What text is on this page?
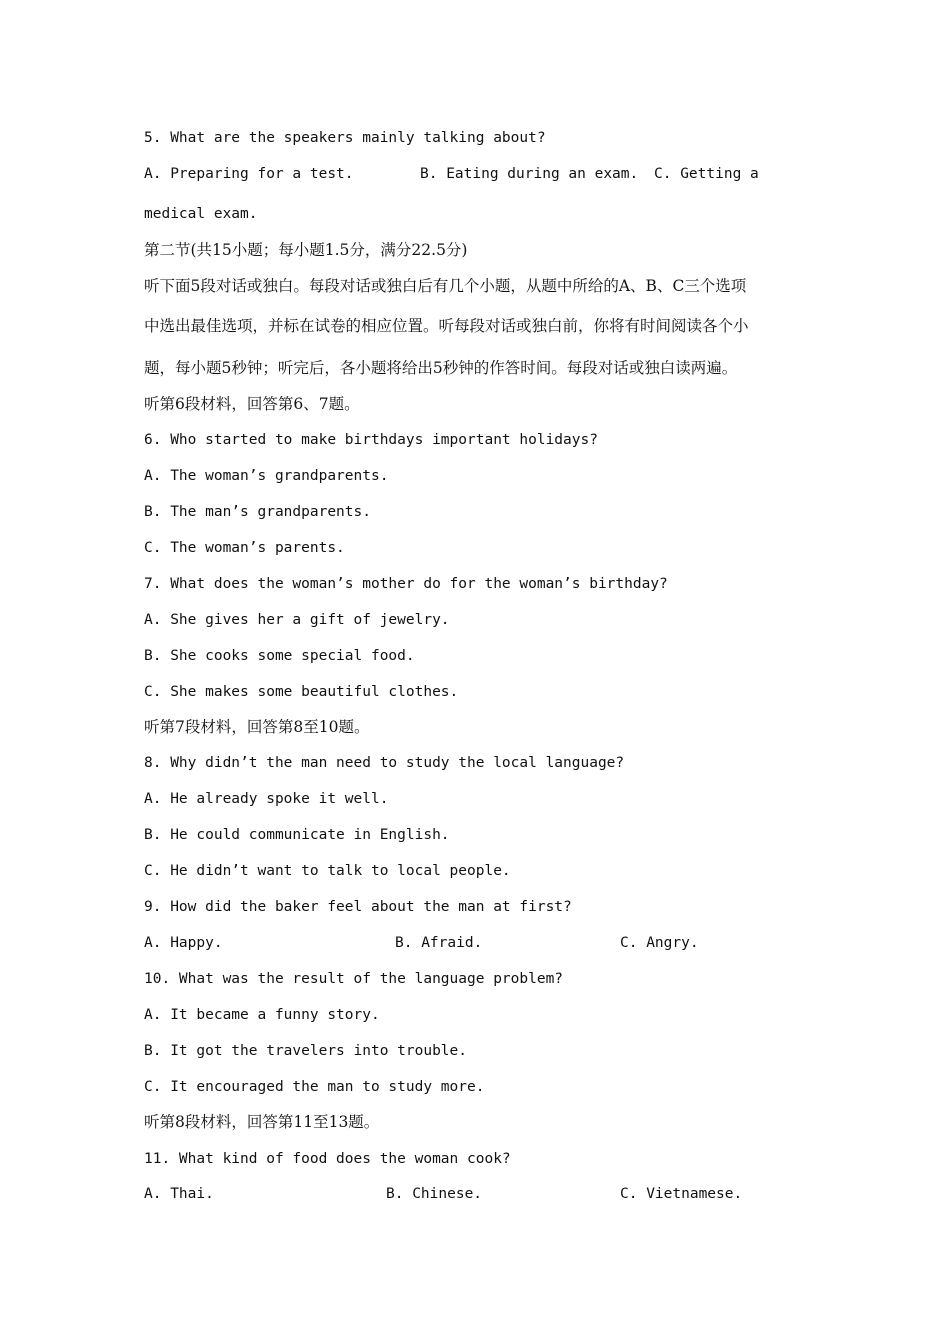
5. What are the speakers mainly talking about?

A. Preparing for a test.

	B. Eating during an exam.

C. Getting a

medical exam.
第二节(共15小题；每小题1.5分，满分22.5分)
听下面5段对话或独白。每段对话或独白后有几个小题，从题中所给的A、B、C三个选项
中选出最佳选项，并标在试卷的相应位置。听每段对话或独白前，你将有时间阅读各个小
题，每小题5秒钟；听完后，各小题将给出5秒钟的作答时间。每段对话或独白读两遍。
听第6段材料，回答第6、7题。
6. Who started to make birthdays important holidays?
A. The woman’s grandparents.
B. The man’s grandparents.
C. The woman’s parents.
7. What does the woman’s mother do for the woman’s birthday?
A. She gives her a gift of jewelry.
B. She cooks some special food.
C. She makes some beautiful clothes.
听第7段材料，回答第8至10题。
8. Why didn’t the man need to study the local language?
A. He already spoke it well.
B. He could communicate in English.
C. He didn’t want to talk to local people.
9. How did the baker feel about the man at first?

A. Happy.

	B. Afraid.

	C. Angry.

10. What was the result of the language problem?
A. It became a funny story.
B. It got the travelers into trouble.
C. It encouraged the man to study more.
听第8段材料，回答第11至13题。
11. What kind of food does the woman cook?

A. Thai.

	B. Chinese.

	C. Vietnamese.
